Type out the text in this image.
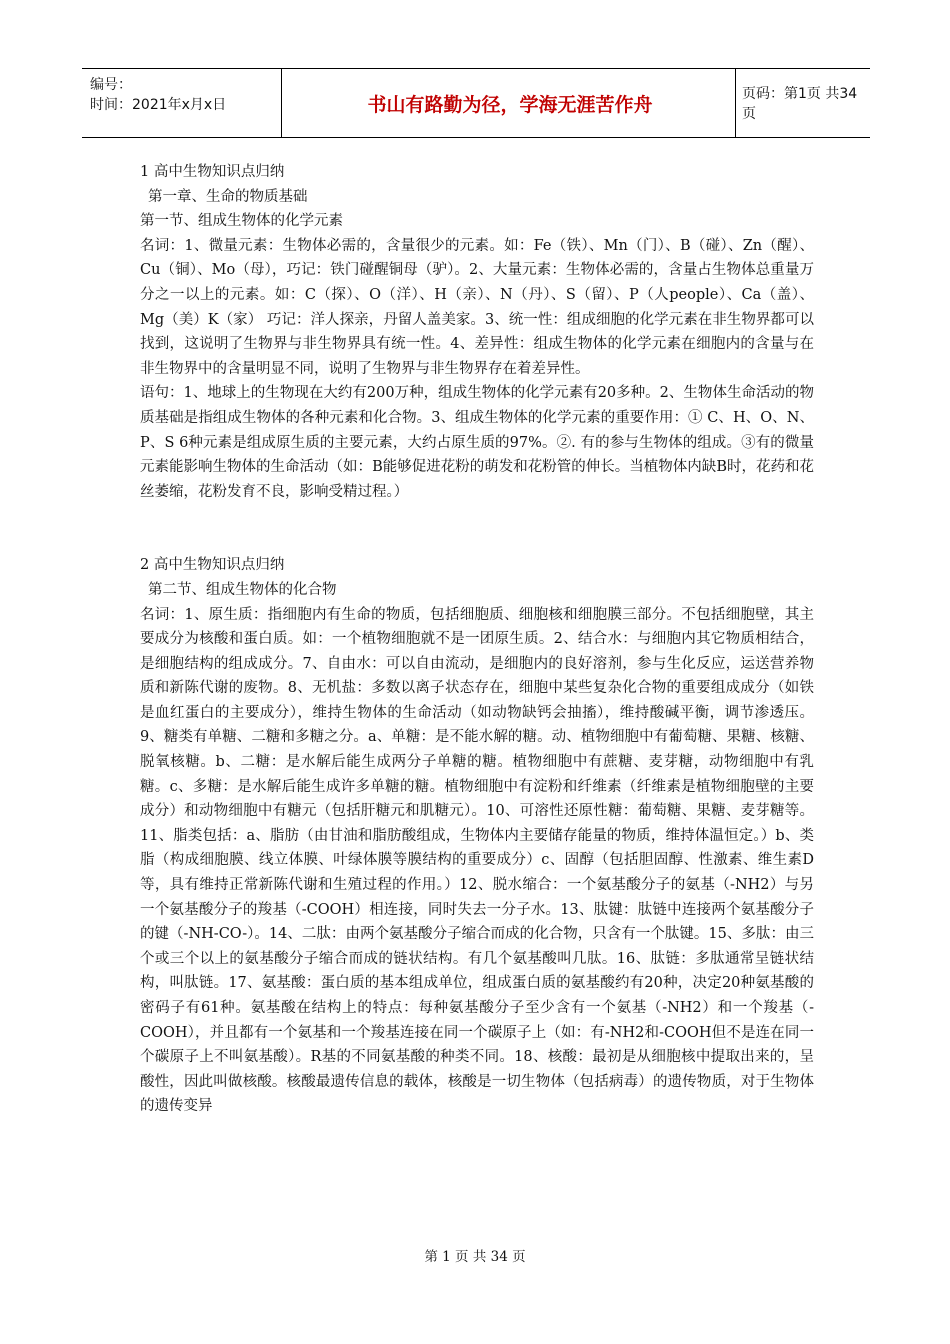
编号：
时间：2021年x月x日	书山有路勤为径，学海无涯苦作舟	页码：第1页 共34页

1 高中生物知识点归纳

第一章、生命的物质基础

第一节、组成生物体的化学元素

名词：1、微量元素：生物体必需的，含量很少的元素。如：Fe（铁）、Mn（门）、B（碰）、Zn（醒）、Cu（铜）、Mo（母），巧记：铁门碰醒铜母（驴）。2、大量元素：生物体必需的，含量占生物体总重量万分之一以上的元素。如：C（探）、O（洋）、H（亲）、N（丹）、S（留）、P（人people）、Ca（盖）、Mg（美）K（家） 巧记：洋人探亲，丹留人盖美家。3、统一性：组成细胞的化学元素在非生物界都可以找到，这说明了生物界与非生物界具有统一性。4、差异性：组成生物体的化学元素在细胞内的含量与在非生物界中的含量明显不同，说明了生物界与非生物界存在着差异性。

语句：1、地球上的生物现在大约有200万种，组成生物体的化学元素有20多种。2、生物体生命活动的物质基础是指组成生物体的各种元素和化合物。3、组成生物体的化学元素的重要作用：① C、H、O、N、P、S 6种元素是组成原生质的主要元素，大约占原生质的97%。②. 有的参与生物体的组成。③有的微量元素能影响生物体的生命活动（如：B能够促进花粉的萌发和花粉管的伸长。当植物体内缺B时，花药和花丝萎缩，花粉发育不良，影响受精过程。）

2 高中生物知识点归纳

第二节、组成生物体的化合物

名词：1、原生质：指细胞内有生命的物质，包括细胞质、细胞核和细胞膜三部分。不包括细胞壁，其主要成分为核酸和蛋白质。如：一个植物细胞就不是一团原生质。2、结合水：与细胞内其它物质相结合，是细胞结构的组成成分。7、自由水：可以自由流动，是细胞内的良好溶剂，参与生化反应，运送营养物质和新陈代谢的废物。8、无机盐：多数以离子状态存在，细胞中某些复杂化合物的重要组成成分（如铁是血红蛋白的主要成分），维持生物体的生命活动（如动物缺钙会抽搐），维持酸碱平衡，调节渗透压。9、糖类有单糖、二糖和多糖之分。a、单糖：是不能水解的糖。动、植物细胞中有葡萄糖、果糖、核糖、脱氧核糖。b、二糖：是水解后能生成两分子单糖的糖。植物细胞中有蔗糖、麦芽糖，动物细胞中有乳糖。c、多糖：是水解后能生成许多单糖的糖。植物细胞中有淀粉和纤维素（纤维素是植物细胞壁的主要成分）和动物细胞中有糖元（包括肝糖元和肌糖元）。10、可溶性还原性糖：葡萄糖、果糖、麦芽糖等。11、脂类包括：a、脂肪（由甘油和脂肪酸组成，生物体内主要储存能量的物质，维持体温恒定。）b、类脂（构成细胞膜、线立体膜、叶绿体膜等膜结构的重要成分）c、固醇（包括胆固醇、性激素、维生素D等，具有维持正常新陈代谢和生殖过程的作用。）12、脱水缩合：一个氨基酸分子的氨基（-NH2）与另一个氨基酸分子的羧基（-COOH）相连接，同时失去一分子水。13、肽键：肽链中连接两个氨基酸分子的键（-NH-CO-）。14、二肽：由两个氨基酸分子缩合而成的化合物，只含有一个肽键。15、多肽：由三个或三个以上的氨基酸分子缩合而成的链状结构。有几个氨基酸叫几肽。16、肽链：多肽通常呈链状结构，叫肽链。17、氨基酸：蛋白质的基本组成单位，组成蛋白质的氨基酸约有20种，决定20种氨基酸的密码子有61种。氨基酸在结构上的特点：每种氨基酸分子至少含有一个氨基（-NH2）和一个羧基（-COOH），并且都有一个氨基和一个羧基连接在同一个碳原子上（如：有-NH2和-COOH但不是连在同一个碳原子上不叫氨基酸）。R基的不同氨基酸的种类不同。18、核酸：最初是从细胞核中提取出来的，呈酸性，因此叫做核酸。核酸最遗传信息的载体，核酸是一切生物体（包括病毒）的遗传物质，对于生物体的遗传变异

第 1 页 共 34 页
